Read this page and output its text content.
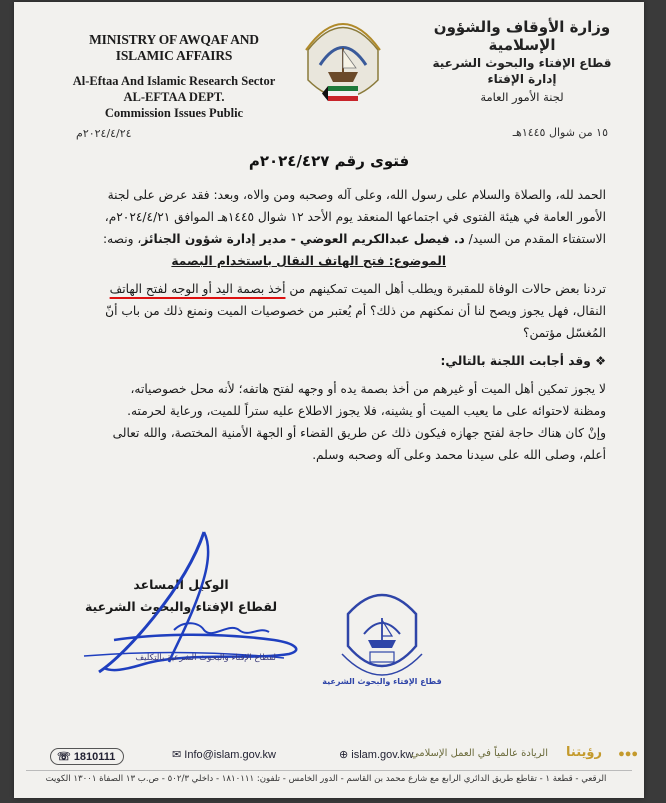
MINISTRY OF AWQAF AND ISLAMIC AFFAIRS
Al-Eftaa And Islamic Research Sector
AL-EFTAA DEPT.
Commission Issues Public
وزارة الأوقاف والشؤون الإسلامية
قطاع الإفتاء والبحوث الشرعية
إدارة الإفتاء
لجنة الأمور العامة
١٥ من شوال ١٤٤٥هـ
٢٠٢٤/٤/٢٤م
فتوى رقم ٢٠٢٤/٤٢٧م

الحمد لله، والصلاة والسلام على رسول الله، وعلى آله وصحبه ومن والاه، وبعد: فقد عرض على لجنة

الأمور العامة في هيئة الفتوى في اجتماعها المنعقد يوم الأحد ١٢ شوال ١٤٤٥هـ الموافق ٢٠٢٤/٤/٢١م،

الاستفتاء المقدم من السيد/ د. فيصل عبدالكريم العوضي - مدير إدارة شؤون الجنائز، ونصه:

الموضوع: فتح الهاتف النقال باستخدام البصمة

تردنا بعض حالات الوفاة للمقبرة ويطلب أهل الميت تمكينهم من أخذ بصمة اليد أو الوجه لفتح الهاتف

النقال، فهل يجوز ويصح لنا أن نمكنهم من ذلك؟ أم يُعتبر من خصوصيات الميت ونمنع ذلك من باب أنّ

المُغسّل مؤتمن؟

❖ وقد أجابت اللجنة بالتالي:

لا يجوز تمكين أهل الميت أو غيرهم من أخذ بصمة يده أو وجهه لفتح هاتفه؛ لأنه محل خصوصياته،

ومظنة لاحتوائه على ما يعيب الميت أو يشينه، فلا يجوز الاطلاع عليه ستراً للميت، ورعاية لحرمته.

وإنْ كان هناك حاجة لفتح جهازه فيكون ذلك عن طريق القضاء أو الجهة الأمنية المختصة، والله تعالى

أعلم، وصلى الله على سيدنا محمد وعلى آله وصحبه وسلم.

الوكيل المساعد
لقطاع الإفتاء والبحوث الشرعية
لقطاع الإفتاء والبحوث الشرعية بالتكليف
قطاع الإفتاء والبحوث الشرعية
☏ 1810111	✉ Info@islam.gov.kw	⊕ islam.gov.kw
الريادة عالمياً في العمل الإسلامي رؤيتنا ●●●
الرقعي - قطعة ١ - تقاطع طريق الدائري الرابع مع شارع محمد بن القاسم - الدور الخامس - تلفون: ١٨١٠١١١ - داخلي ٥٠٢/٣ - ص.ب ١٣ الصفاة ١٣٠٠١ الكويت
